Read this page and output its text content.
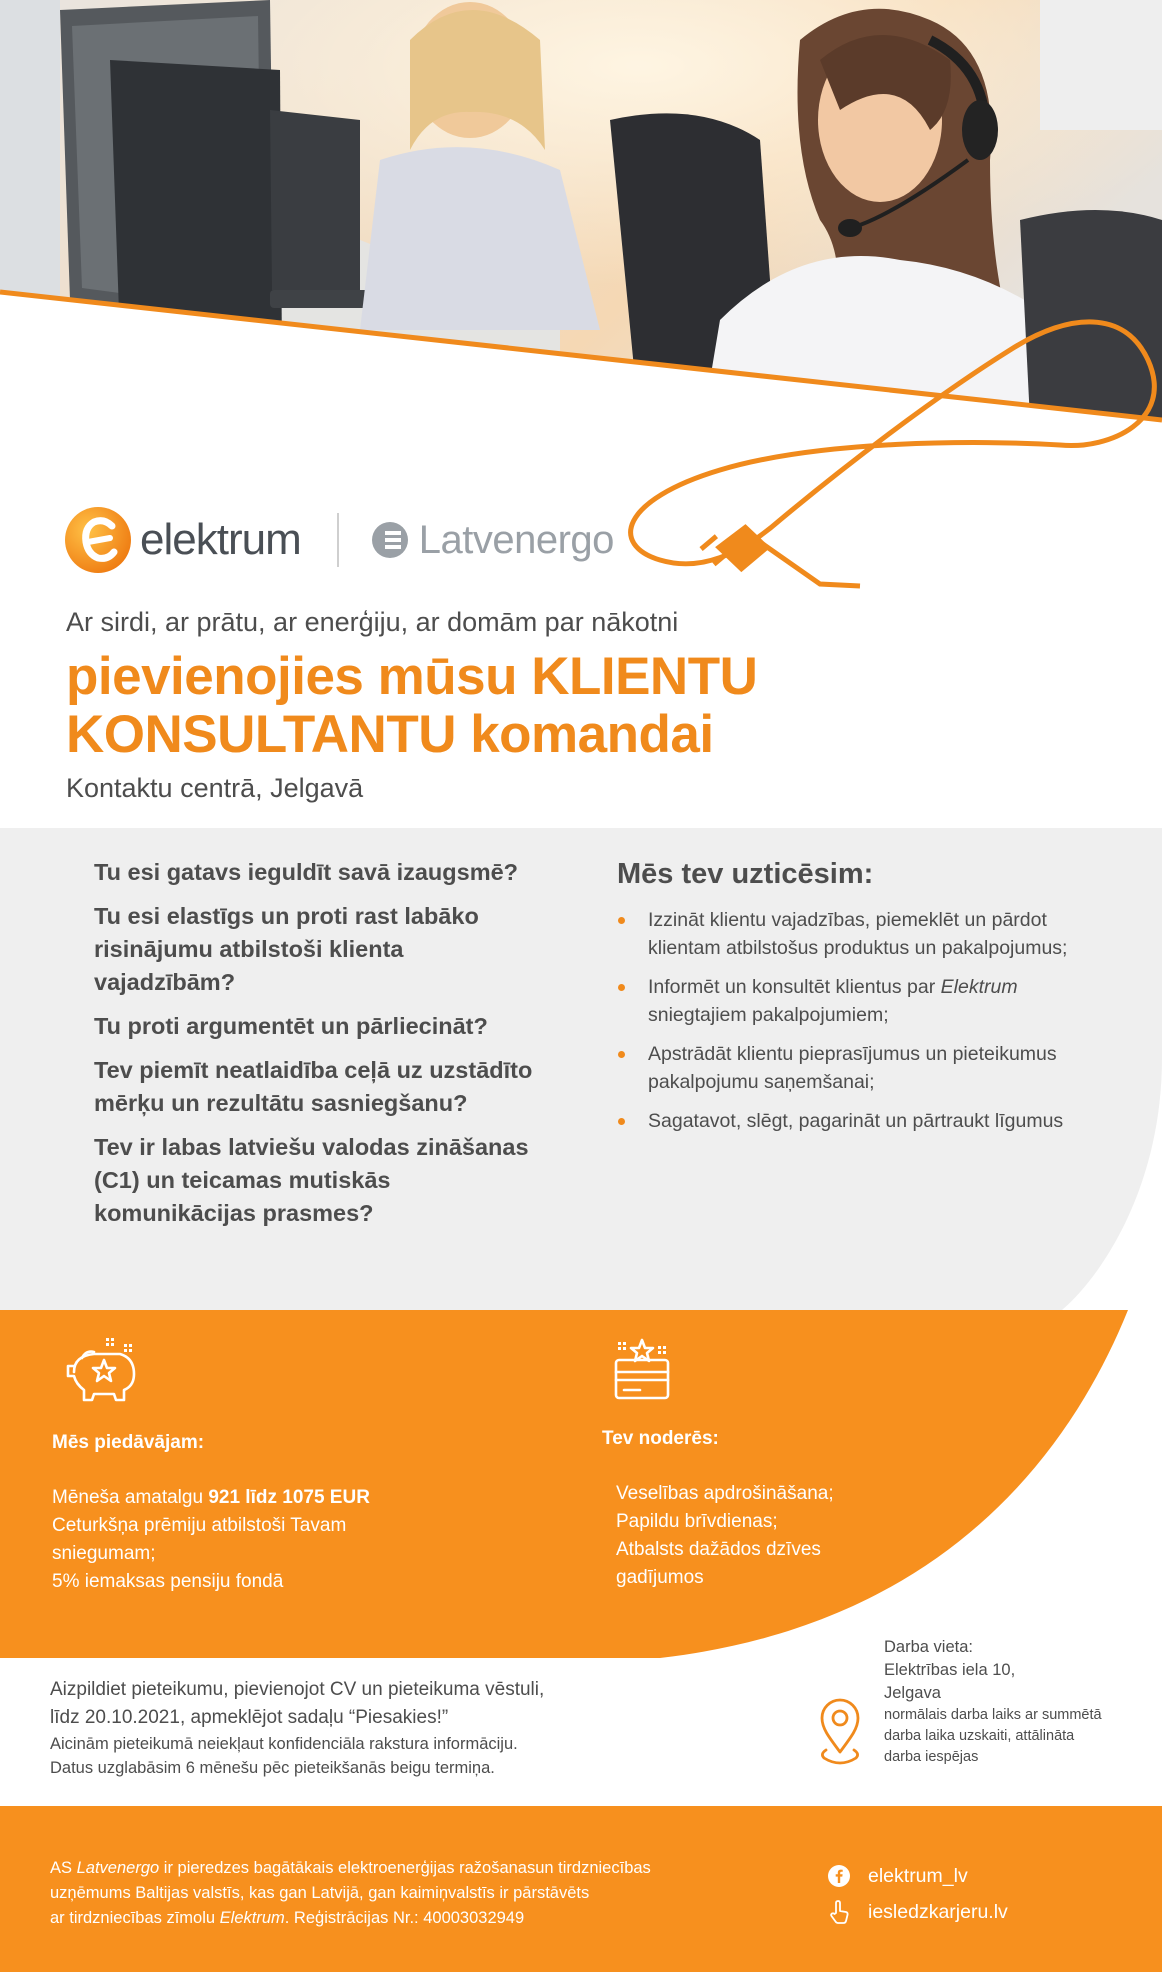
elektrum	Latvenergo
Ar sirdi, ar prātu, ar enerģiju, ar domām par nākotni
pievienojies mūsu KLIENTU
KONSULTANTU komandai
Kontaktu centrā, Jelgavā
Tu esi gatavs ieguldīt savā izaugsmē?
Tu esi elastīgs un proti rast labāko risinājumu atbilstoši klienta vajadzībām?
Tu proti argumentēt un pārliecināt?
Tev piemīt neatlaidība ceļā uz uzstādīto mērķu un rezultātu sasniegšanu?
Tev ir labas latviešu valodas zināšanas (C1) un teicamas mutiskās komunikācijas prasmes?
Mēs tev uzticēsim:
Izzināt klientu vajadzības, piemeklēt un pārdot klientam atbilstošus produktus un pakalpojumus;
Informēt un konsultēt klientus par Elektrum sniegtajiem pakalpojumiem;
Apstrādāt klientu pieprasījumus un pieteikumus pakalpojumu saņemšanai;
Sagatavot, slēgt, pagarināt un pārtraukt līgumus
Mēs piedāvājam:
Mēneša amatalgu 921 līdz 1075 EUR
Ceturkšņa prēmiju atbilstoši Tavam
sniegumam;
5% iemaksas pensiju fondā
Tev noderēs:
Veselības apdrošināšana;
Papildu brīvdienas;
Atbalsts dažādos dzīves
gadījumos
Aizpildiet pieteikumu, pievienojot CV un pieteikuma vēstuli,
līdz 20.10.2021, apmeklējot sadaļu “Piesakies!”
Aicinām pieteikumā neiekļaut konfidenciāla rakstura informāciju.
Datus uzglabāsim 6 mēnešu pēc pieteikšanās beigu termiņa.
Darba vieta:
Elektrības iela 10,
Jelgava
normālais darba laiks ar summētā
darba laika uzskaiti, attālināta
darba iespējas
AS Latvenergo ir pieredzes bagātākais elektroenerģijas ražošanasun tirdzniecības
uzņēmums Baltijas valstīs, kas gan Latvijā, gan kaimiņvalstīs ir pārstāvēts
ar tirdzniecības zīmolu Elektrum. Reģistrācijas Nr.: 40003032949
elektrum_lv
iesledzkarjeru.lv
